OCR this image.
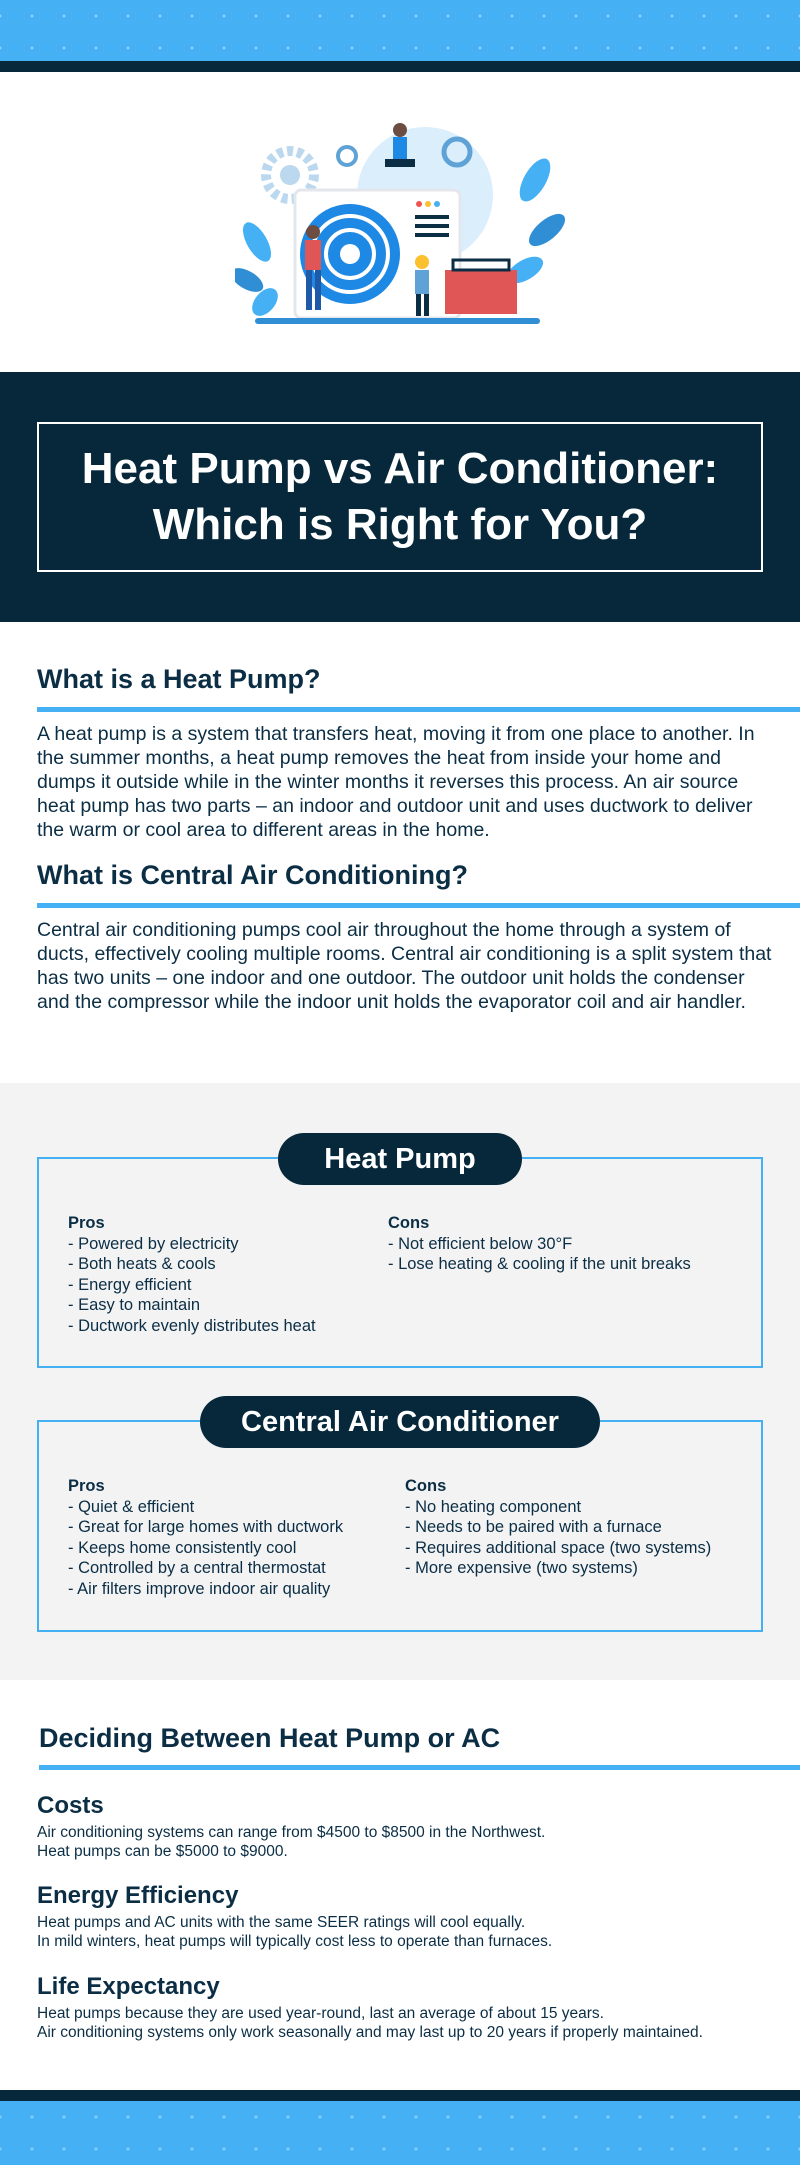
Heat Pump vs Air Conditioner:
Which is Right for You?
What is a Heat Pump?
A heat pump is a system that transfers heat, moving it from one place to another. In the summer months, a heat pump removes the heat from inside your home and dumps it outside while in the winter months it reverses this process. An air source heat pump has two parts – an indoor and outdoor unit and uses ductwork to deliver the warm or cool area to different areas in the home.
What is Central Air Conditioning?
Central air conditioning pumps cool air throughout the home through a system of ducts, effectively cooling multiple rooms. Central air conditioning is a split system that has two units – one indoor and one outdoor. The outdoor unit holds the condenser and the compressor while the indoor unit holds the evaporator coil and air handler.
Pros
- Powered by electricity
- Both heats & cools
- Energy efficient
- Easy to maintain
- Ductwork evenly distributes heat
Cons
- Not efficient below 30°F
- Lose heating & cooling if the unit breaks
Heat Pump
Pros
- Quiet & efficient
- Great for large homes with ductwork
- Keeps home consistently cool
- Controlled by a central thermostat
- Air filters improve indoor air quality
Cons
- No heating component
- Needs to be paired with a furnace
- Requires additional space (two systems)
- More expensive (two systems)
Central Air Conditioner
Deciding Between Heat Pump or AC
Costs
Air conditioning systems can range from $4500 to $8500 in the Northwest.
Heat pumps can be $5000 to $9000.
Energy Efficiency
Heat pumps and AC units with the same SEER ratings will cool equally.
In mild winters, heat pumps will typically cost less to operate than furnaces.
Life Expectancy
Heat pumps because they are used year-round, last an average of about 15 years.
Air conditioning systems only work seasonally and may last up to 20 years if properly maintained.
